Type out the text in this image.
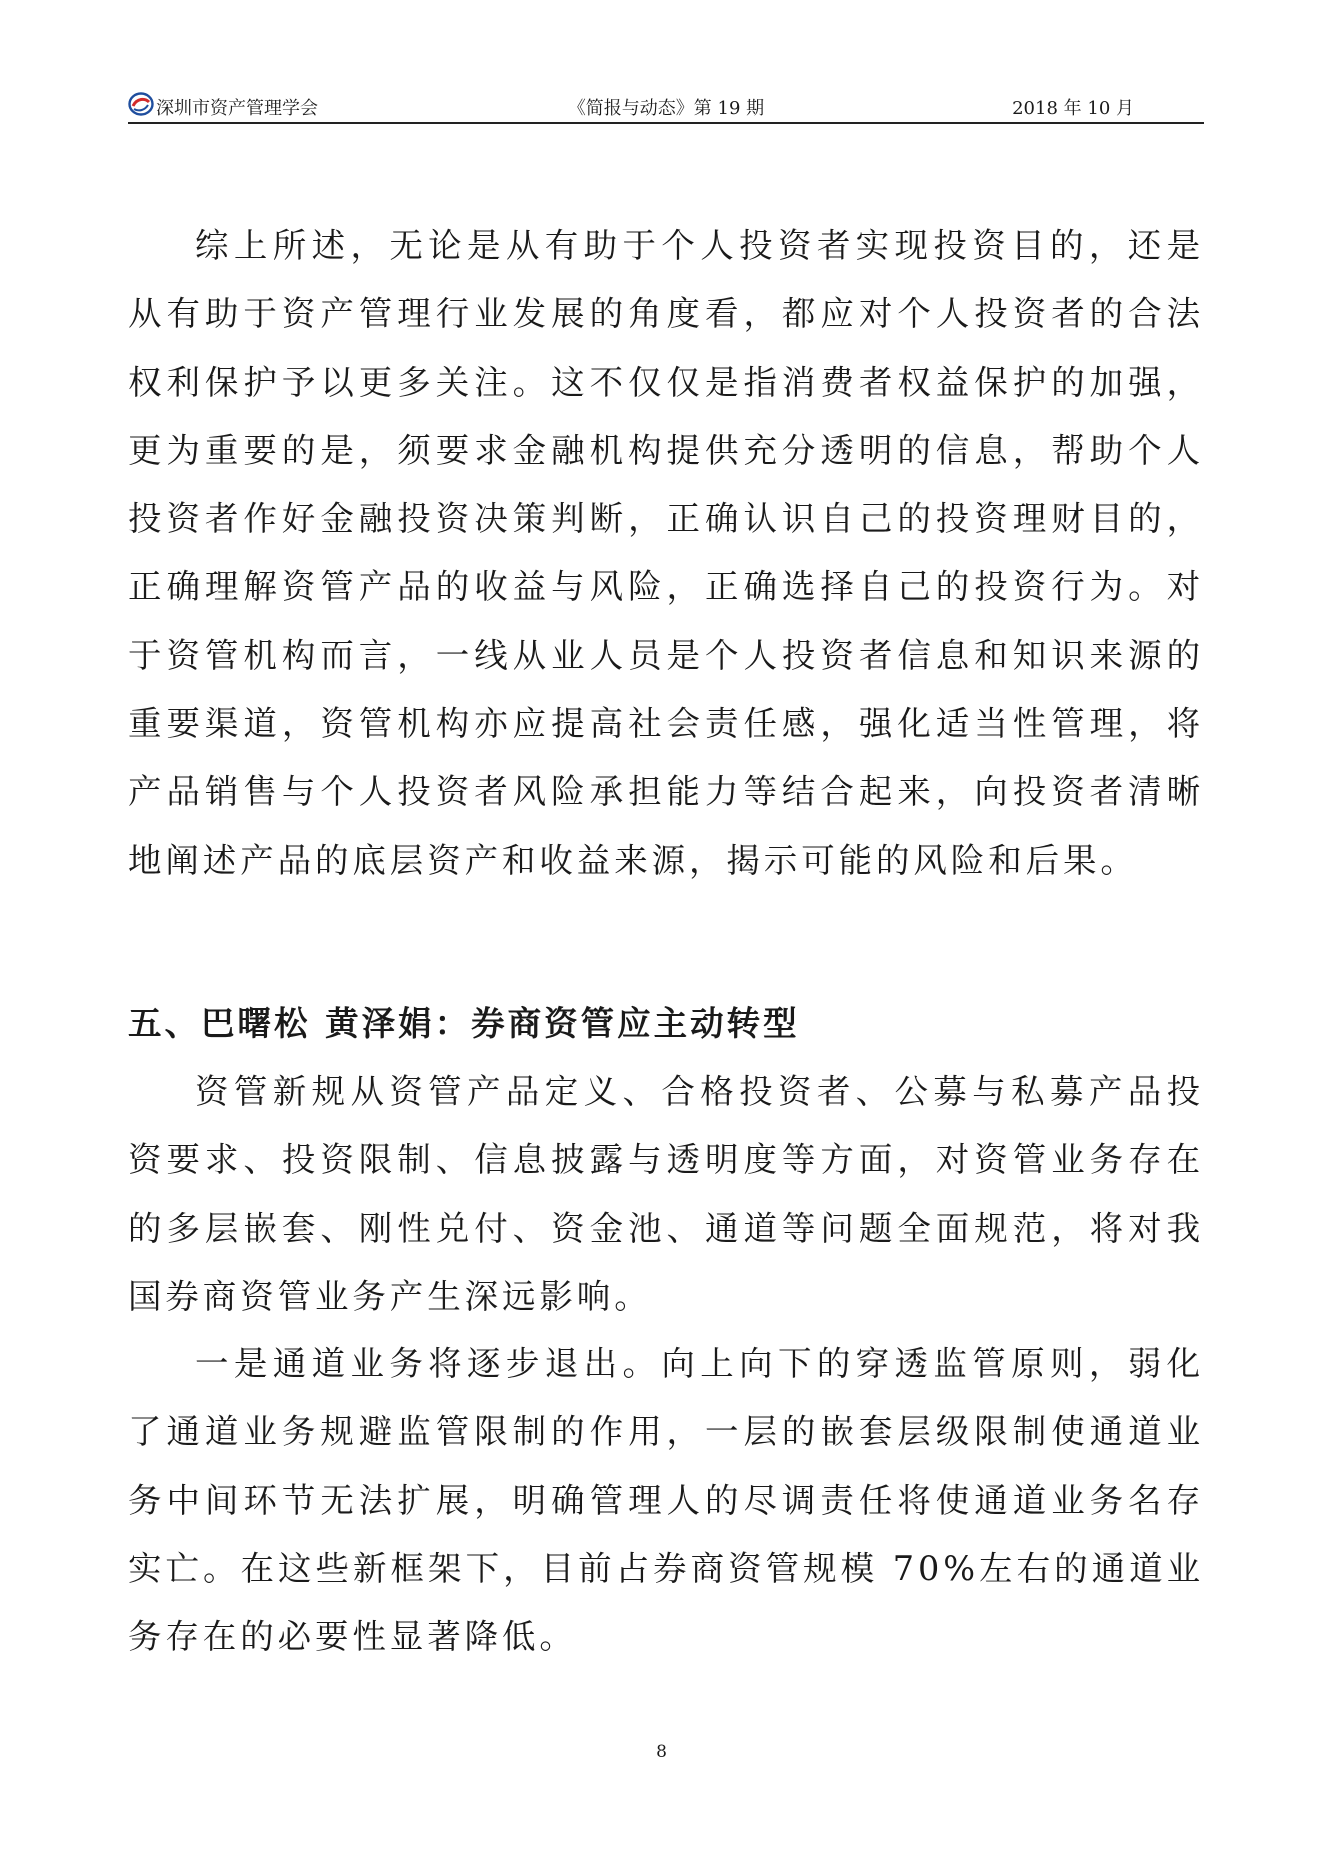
深圳市资产管理学会	《简报与动态》第 19 期	2018 年 10 月

综上所述，无论是从有助于个人投资者实现投资目的，还是从有助于资产管理行业发展的角度看，都应对个人投资者的合法权利保护予以更多关注。这不仅仅是指消费者权益保护的加强，更为重要的是，须要求金融机构提供充分透明的信息，帮助个人投资者作好金融投资决策判断，正确认识自己的投资理财目的，正确理解资管产品的收益与风险，正确选择自己的投资行为。对于资管机构而言，一线从业人员是个人投资者信息和知识来源的重要渠道，资管机构亦应提高社会责任感，强化适当性管理，将产品销售与个人投资者风险承担能力等结合起来，向投资者清晰地阐述产品的底层资产和收益来源，揭示可能的风险和后果。

五、巴曙松 黄泽娟：券商资管应主动转型

资管新规从资管产品定义、合格投资者、公募与私募产品投资要求、投资限制、信息披露与透明度等方面，对资管业务存在的多层嵌套、刚性兑付、资金池、通道等问题全面规范，将对我国券商资管业务产生深远影响。

一是通道业务将逐步退出。向上向下的穿透监管原则，弱化了通道业务规避监管限制的作用，一层的嵌套层级限制使通道业务中间环节无法扩展，明确管理人的尽调责任将使通道业务名存实亡。在这些新框架下，目前占券商资管规模 70%左右的通道业务存在的必要性显著降低。

8
